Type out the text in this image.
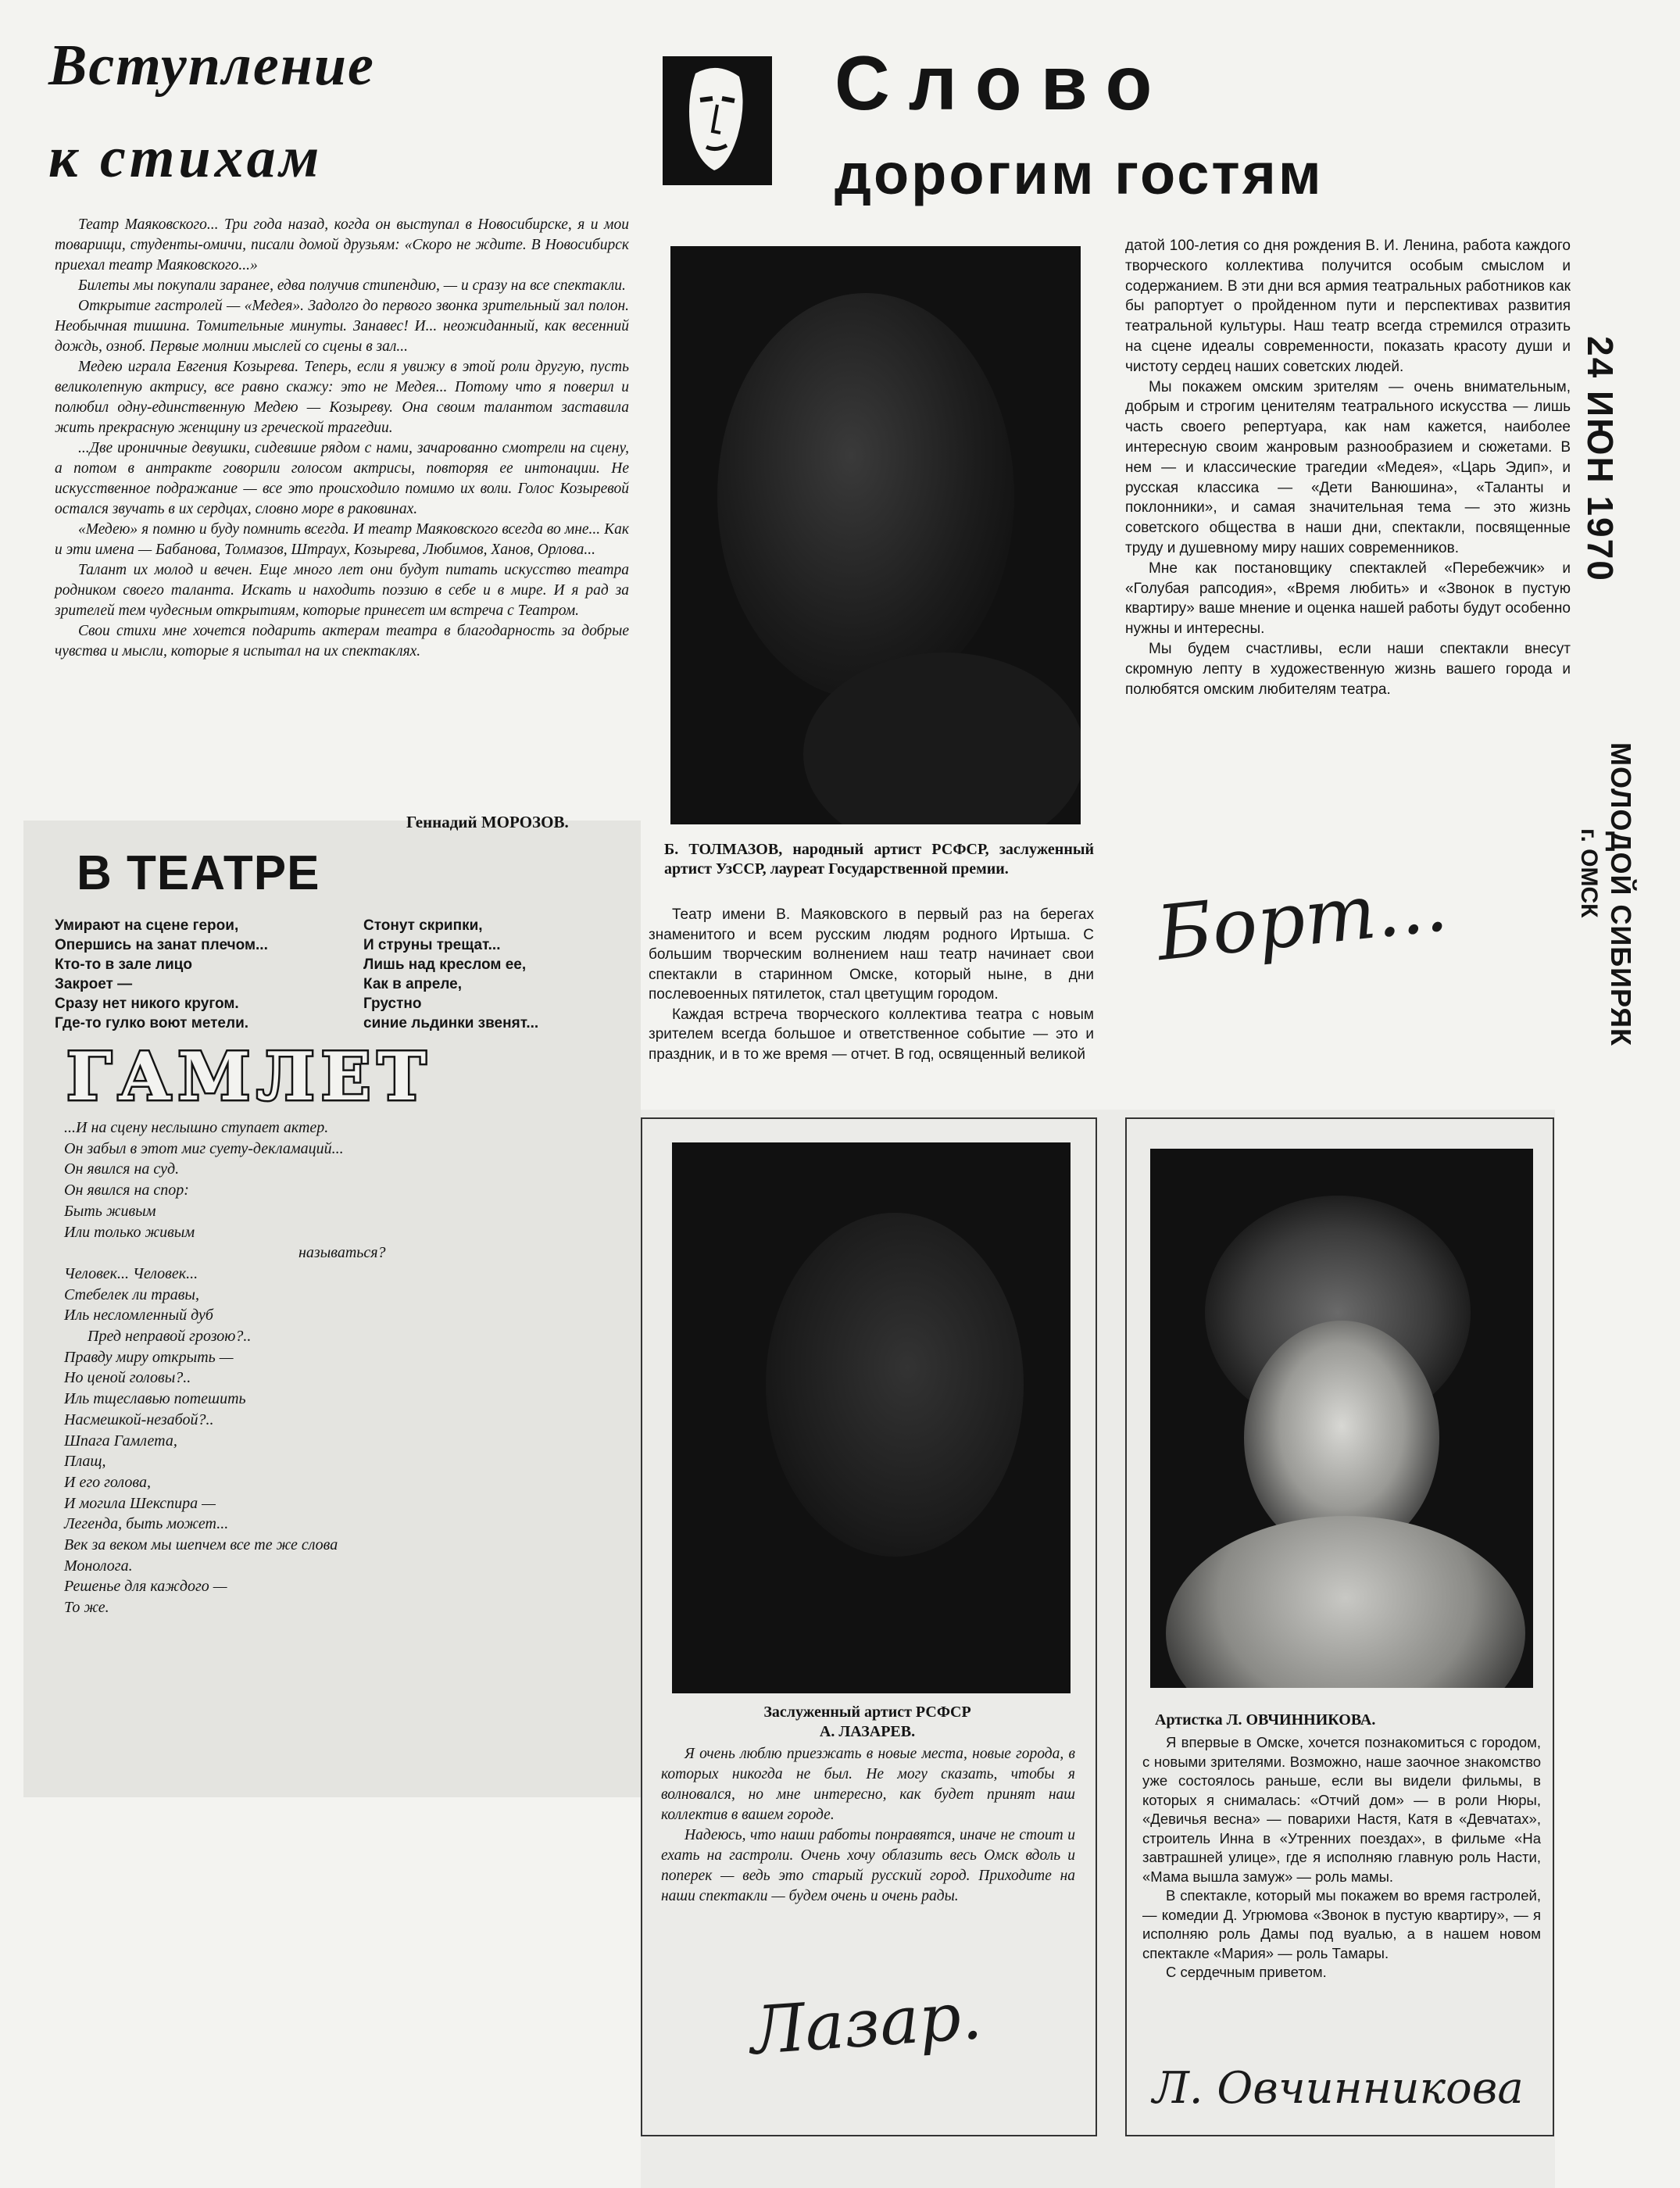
Вступление
к стихам

Театр Маяковского... Три года назад, когда он выступал в Новосибирске, я и мои товарищи, студенты-омичи, писали домой друзьям: «Скоро не ждите. В Новосибирск приехал театр Маяковского...»

Билеты мы покупали заранее, едва получив стипендию, — и сразу на все спектакли.

Открытие гастролей — «Медея». Задолго до первого звонка зрительный зал полон. Необычная тишина. Томительные минуты. Занавес! И... неожиданный, как весенний дождь, озноб. Первые молнии мыслей со сцены в зал...

Медею играла Евгения Козырева. Теперь, если я увижу в этой роли другую, пусть великолепную актрису, все равно скажу: это не Медея... Потому что я поверил и полюбил одну-единственную Медею — Козыреву. Она своим талантом заставила жить прекрасную женщину из греческой трагедии.

...Две ироничные девушки, сидевшие рядом с нами, зачарованно смотрели на сцену, а потом в антракте говорили голосом актрисы, повторяя ее интонации. Не искусственное подражание — все это происходило помимо их воли. Голос Козыревой остался звучать в их сердцах, словно море в раковинах.

«Медею» я помню и буду помнить всегда. И театр Маяковского всегда во мне... Как и эти имена — Бабанова, Толмазов, Штраух, Козырева, Любимов, Ханов, Орлова...

Талант их молод и вечен. Еще много лет они будут питать искусство театра родником своего таланта. Искать и находить поэзию в себе и в мире. И я рад за зрителей тем чудесным открытиям, которые принесет им встреча с Театром.

Свои стихи мне хочется подарить актерам театра в благодарность за добрые чувства и мысли, которые я испытал на их спектаклях.

Геннадий МОРОЗОВ.
В ТЕАТРЕ
Умирают на сцене герои,
Опершись на занат плечом...
Кто-то в зале лицо
Закроет —
Сразу нет никого кругом.
Где-то гулко воют метели.
Стонут скрипки,
И струны трещат...
Лишь над креслом ее,
Как в апреле,
Грустно
синие льдинки звенят...
ГАМЛЕТ
...И на сцену неслышно ступает актер.
Он забыл в этот миг суету-декламаций...
Он явился на суд.
Он явился на спор:
Быть живым
Или только живым
называться?
Человек... Человек...
Стебелек ли травы,
Иль несломленный дуб
Пред неправой грозою?..
Правду миру открыть —
Но ценой головы?..
Иль тщеславью потешить
Насмешкой-незабой?..
Шпага Гамлета,
Плащ,
И его голова,
И могила Шекспира —
Легенда, быть может...
Век за веком мы шепчем все те же слова
Монолога.
Решенье для каждого —
То же.
Слово
дорогим гостям
Б. ТОЛМАЗОВ, народный артист РСФСР, заслуженный артист УзССР, лауреат Государственной премии.

Театр имени В. Маяковского в первый раз на берегах знаменитого и всем русским людям родного Иртыша. С большим творческим волнением наш театр начинает свои спектакли в старинном Омске, который ныне, в дни послевоенных пятилеток, стал цветущим городом.

Каждая встреча творческого коллектива театра с новым зрителем всегда большое и ответственное событие — это и праздник, и в то же время — отчет. В год, освященный великой

датой 100-летия со дня рождения В. И. Ленина, работа каждого творческого коллектива получится особым смыслом и содержанием. В эти дни вся армия театральных работников как бы рапортует о пройденном пути и перспективах развития театральной культуры. Наш театр всегда стремился отразить на сцене идеалы современности, показать красоту души и чистоту сердец наших советских людей.

Мы покажем омским зрителям — очень внимательным, добрым и строгим ценителям театрального искусства — лишь часть своего репертуара, как нам кажется, наиболее интересную своим жанровым разнообразием и сюжетами. В нем — и классические трагедии «Медея», «Царь Эдип», и русская классика — «Дети Ванюшина», «Таланты и поклонники», и самая значительная тема — это жизнь советского общества в наши дни, спектакли, посвященные труду и душевному миру наших современников.

Мне как постановщику спектаклей «Перебежчик» и «Голубая рапсодия», «Время любить» и «Звонок в пустую квартиру» ваше мнение и оценка нашей работы будут особенно нужны и интересны.

Мы будем счастливы, если наши спектакли внесут скромную лепту в художественную жизнь вашего города и полюбятся омским любителям театра.

Борт...
Заслуженный артист РСФСР
А. ЛАЗАРЕВ.

Я очень люблю приезжать в новые места, новые города, в которых никогда не был. Не могу сказать, чтобы я волновался, но мне интересно, как будет принят наш коллектив в вашем городе.

Надеюсь, что наши работы понравятся, иначе не стоит и ехать на гастроли. Очень хочу облазить весь Омск вдоль и поперек — ведь это старый русский город. Приходите на наши спектакли — будем очень и очень рады.

Лазар.
Артистка Л. ОВЧИННИКОВА.

Я впервые в Омске, хочется познакомиться с городом, с новыми зрителями. Возможно, наше заочное знакомство уже состоялось раньше, если вы видели фильмы, в которых я снималась: «Отчий дом» — в роли Нюры, «Девичья весна» — поварихи Настя, Катя в «Девчатах», строитель Инна в «Утренних поездах», в фильме «На завтрашней улице», где я исполняю главную роль Насти, «Мама вышла замуж» — роль мамы.

В спектакле, который мы покажем во время гастролей, — комедии Д. Угрюмова «Звонок в пустую квартиру», — я исполняю роль Дамы под вуалью, а в нашем новом спектакле «Мария» — роль Тамары.

С сердечным приветом.

Л. Овчинникова
24 ИЮН 1970
МОЛОДОЙ СИБИРЯК
г. ОМСК
